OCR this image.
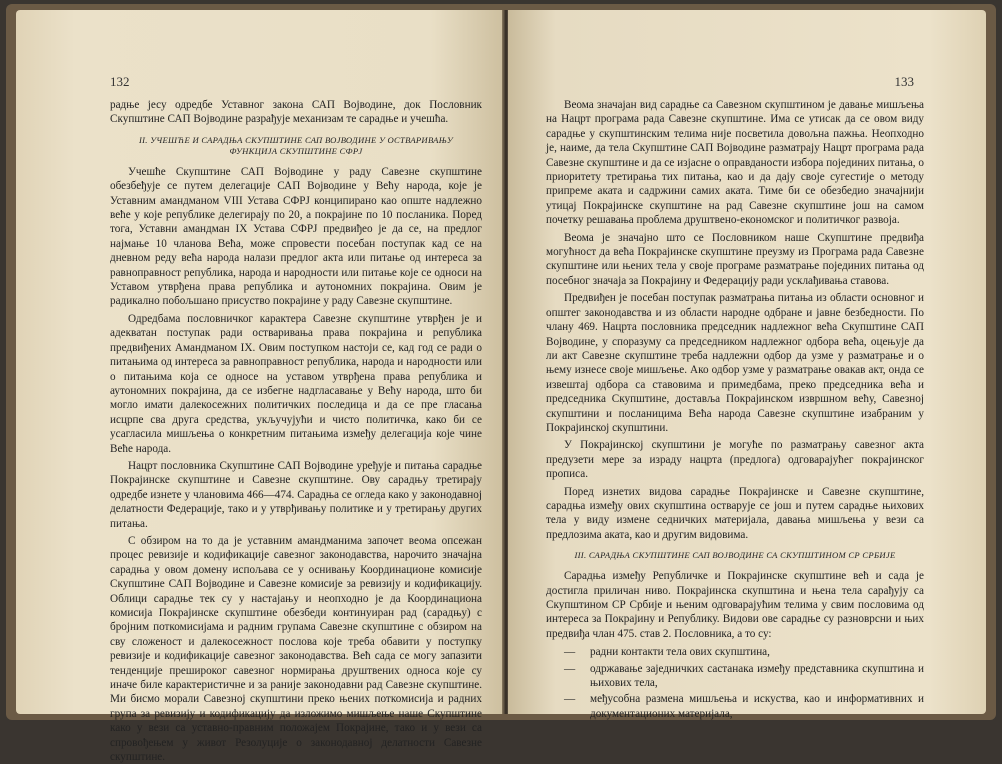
132

радње јесу одредбе Уставног закона САП Војводине, док Пословник Скупштине САП Војводине разрађује механизам те сарадње и учешћа.

II. УЧЕШЋЕ И САРАДЊА СКУПШТИНЕ САП ВОЈВОДИНЕ У ОСТВАРИВАЊУ ФУНКЦИЈА СКУПШТИНЕ СФРЈ

Учешће Скупштине САП Војводине у раду Савезне скупштине обезбеђује се путем делегације САП Војводине у Већу народа, које је Уставним амандманом VIII Устава СФРЈ конципирано као опште надлежно веће у које републике делегирају по 20, а покрајине по 10 посланика. Поред тога, Уставни амандман IX Устава СФРЈ предвиђео је да се, на предлог најмање 10 чланова Већа, може спровести посебан поступак кад се на дневном реду већа народа налази предлог акта или питање од интереса за равноправност република, народа и народности или питање које се односи на Уставом утврђена права република и аутономних покрајина. Овим је радикално побољшано присуство покрајине у раду Савезне скупштине.

Одредбама пословничког карактера Савезне скупштине утврђен је и адекватан поступак ради остваривања права покрајина и република предвиђених Амандманом IX. Овим поступком настоји се, кад год се ради о питањима од интереса за равноправност република, народа и народности или о питањима која се односе на уставом утврђена права република и аутономних покрајина, да се избегне надгласавање у Већу народа, што би могло имати далекосежних политичких последица и да се пре гласања исцрпе сва друга средства, укључујући и чисто политичка, како би се усагласила мишљења о конкретним питањима између делегација које чине Веће народа.

Нацрт пословника Скупштине САП Војводине уређује и питања сарадње Покрајинске скупштине и Савезне скупштине. Ову сарадњу третирају одредбе изнете у члановима 466—474. Сарадња се огледа како у законодавној делатности Федерације, тако и у утврђивању политике и у третирању других питања.

С обзиром на то да је уставним амандманима започет веома опсежан процес ревизије и кодификације савезног законодавства, нарочито значајна сарадња у овом домену испољава се у оснивању Координационе комисије Скупштине САП Војводине и Савезне комисије за ревизију и кодификацију. Облици сарадње тек су у настајању и неопходно је да Координациона комисија Покрајинске скупштине обезбеди континуиран рад (сарадњу) с бројним поткомисијама и радним групама Савезне скупштине с обзиром на сву сложеност и далекосежност послова које треба обавити у поступку ревизије и кодификације савезног законодавства. Већ сада се могу запазити тенденције прешироког савезног нормирања друштвених односа које су иначе биле карактеристичне и за раније законодавни рад Савезне скупштине. Ми бисмо морали Савезној скупштини преко њених поткомисија и радних група за ревизију и кодификацију да изложимо мишљење наше Скупштине како у вези са уставно-правним положајем Покрајине, тако и у вези са спровођењем у живот Резолуције о законодавној делатности Савезне скупштине.

133

Веома значајан вид сарадње са Савезном скупштином је давање мишљења на Нацрт програма рада Савезне скупштине. Има се утисак да се овом виду сарадње у скупштинским телима није посветила довољна пажња. Неопходно је, наиме, да тела Скупштине САП Војводине разматрају Нацрт програма рада Савезне скупштине и да се изјасне о оправданости избора појединих питања, о приоритету третирања тих питања, као и да дају своје сугестије о методу припреме аката и садржини самих аката. Тиме би се обезбедио значајнији утицај Покрајинске скупштине на рад Савезне скупштине још на самом почетку решавања проблема друштвено-економског и политичког развоја.

Веома је значајно што се Пословником наше Скупштине предвиђа могућност да већа Покрајинске скупштине преузму из Програма рада Савезне скупштине или њених тела у своје програме разматрање појединих питања од посебног значаја за Покрајину и Федерацију ради усклађивања ставова.

Предвиђен је посебан поступак разматрања питања из области основног и општег законодавства и из области народне одбране и јавне безбедности. По члану 469. Нацрта пословника председник надлежног већа Скупштине САП Војводине, у споразуму са председником надлежног одбора већа, оцењује да ли акт Савезне скупштине треба надлежни одбор да узме у разматрање и о њему изнесе своје мишљење. Ако одбор узме у разматрање овакав акт, онда се извештај одбора са ставовима и примедбама, преко председника већа и председника Скупштине, доставља Покрајинском извршном већу, Савезној скупштини и посланицима Већа народа Савезне скупштине изабраним у Покрајинској скупштини.

У Покрајинској скупштини је могуће по разматрању савезног акта предузети мере за израду нацрта (предлога) одговарајућег покрајинског прописа.

Поред изнетих видова сарадње Покрајинске и Савезне скупштине, сарадња између ових скупштина остварује се још и путем сарадње њихових тела у виду измене седничких материјала, давања мишљења у вези са предлозима аката, као и другим видовима.

III. САРАДЊА СКУПШТИНЕ САП ВОЈВОДИНЕ СА СКУПШТИНОМ СР СРБИЈЕ

Сарадња између Републичке и Покрајинске скупштине већ и сада је достигла приличан ниво. Покрајинска скупштина и њена тела сарађују са Скупштином СР Србије и њеним одговарајућим телима у свим пословима од интереса за Покрајину и Републику. Видови ове сарадње су разноврсни и њих предвиђа члан 475. став 2. Пословника, а то су:

— радни контакти тела ових скупштина,
— одржавање заједничких састанака између представника скупштина и њихових тела,
— међусобна размена мишљења и искуства, као и информативних и документационих материјала,
